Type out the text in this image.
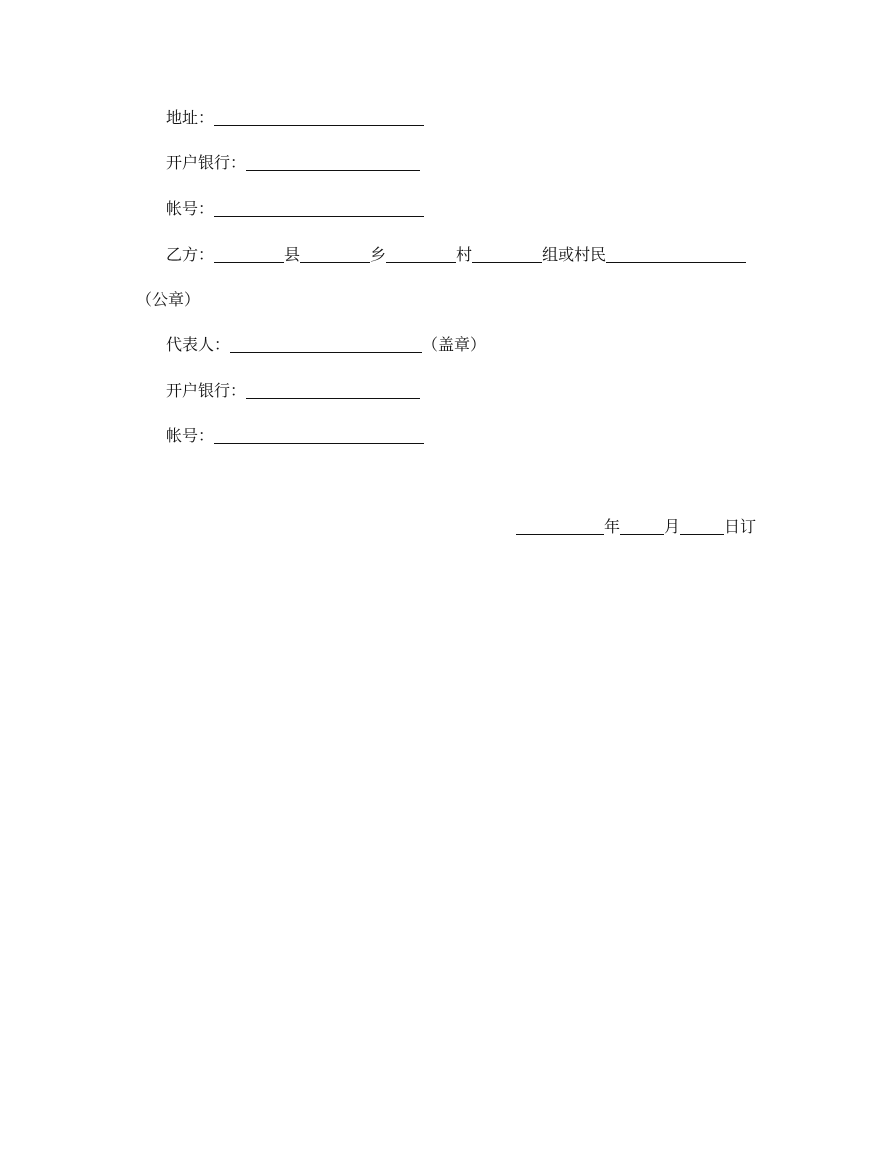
地址：
开户银行：
帐号：
乙方：	县	乡	村	组或村民
（公章）
代表人：	（盖章）
开户银行：
帐号：
年	月	日订
